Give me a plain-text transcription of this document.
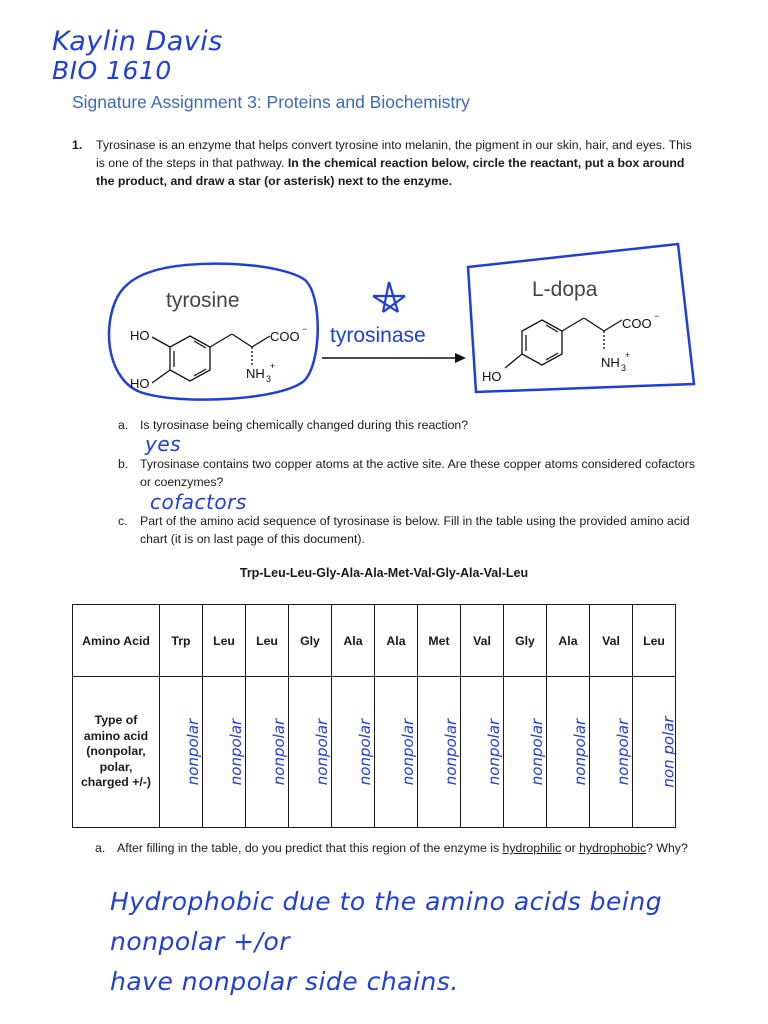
Kaylin Davis
BIO 1610
Signature Assignment 3: Proteins and Biochemistry
1. Tyrosinase is an enzyme that helps convert tyrosine into melanin, the pigment in our skin, hair, and eyes. This is one of the steps in that pathway. In the chemical reaction below, circle the reactant, put a box around the product, and draw a star (or asterisk) next to the enzyme.
tyrosine
HO
HO
COO −
NH 3
+
tyrosinase
L-dopa
HO
COO −
NH 3
+
a. Is tyrosinase being chemically changed during this reaction?
yes
b. Tyrosinase contains two copper atoms at the active site. Are these copper atoms considered cofactors or coenzymes?
cofactors
c. Part of the amino acid sequence of tyrosinase is below. Fill in the table using the provided amino acid chart (it is on last page of this document).
Trp-Leu-Leu-Gly-Ala-Ala-Met-Val-Gly-Ala-Val-Leu
Amino Acid	Trp	Leu	Leu	Gly	Ala	Ala	Met	Val	Gly	Ala	Val	Leu

Type of
amino acid
(nonpolar,
polar,
charged +/-)	nonpolar	nonpolar	nonpolar	nonpolar	nonpolar	nonpolar	nonpolar	nonpolar	nonpolar	nonpolar	nonpolar	non polar
a. After filling in the table, do you predict that this region of the enzyme is hydrophilic or hydrophobic? Why?
Hydrophobic due to the amino acids being nonpolar +/or
have nonpolar side chains.
